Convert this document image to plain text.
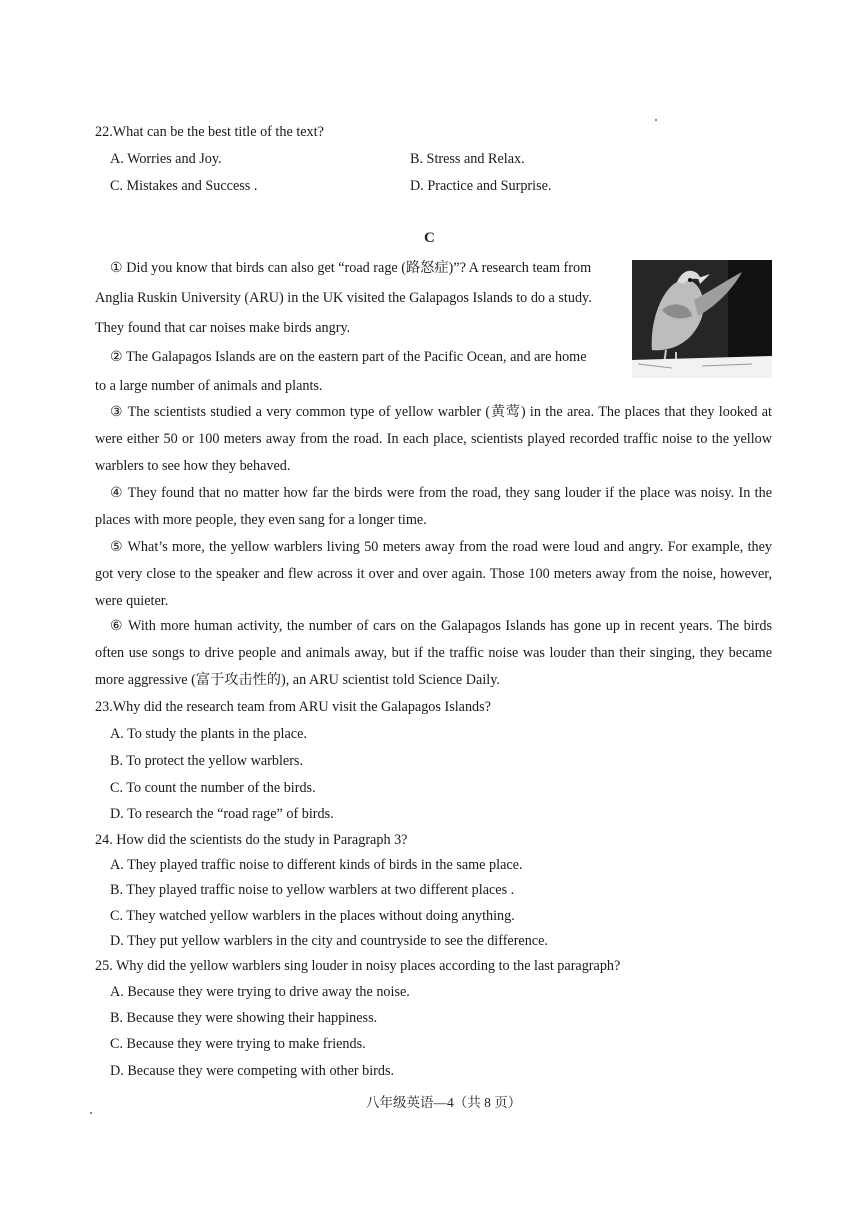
22.What can be the best title of the text?
A. Worries and Joy.	B. Stress and Relax.
C. Mistakes and Success .	D. Practice and Surprise.
C
① Did you know that birds can also get “road rage (路怒症)”? A research team from
Anglia Ruskin University (ARU) in the UK visited the Galapagos Islands to do a study.
They found that car noises make birds angry.
② The Galapagos Islands are on the eastern part of the Pacific Ocean, and are home
to a large number of animals and plants.
③ The scientists studied a very common type of yellow warbler (黄莺) in the area. The places that they looked at were either 50 or 100 meters away from the road. In each place, scientists played recorded traffic noise to the yellow warblers to see how they behaved.
④ They found that no matter how far the birds were from the road, they sang louder if the place was noisy. In the places with more people, they even sang for a longer time.
⑤ What’s more, the yellow warblers living 50 meters away from the road were loud and angry. For example, they got very close to the speaker and flew across it over and over again. Those 100 meters away from the noise, however, were quieter.
⑥ With more human activity, the number of cars on the Galapagos Islands has gone up in recent years. The birds often use songs to drive people and animals away, but if the traffic noise was louder than their singing, they became more aggressive (富于攻击性的), an ARU scientist told Science Daily.
23.Why did the research team from ARU visit the Galapagos Islands?
A. To study the plants in the place.
B. To protect the yellow warblers.
C. To count the number of the birds.
D. To research the “road rage” of birds.
24. How did the scientists do the study in Paragraph 3?
A. They played traffic noise to different kinds of birds in the same place.
B. They played traffic noise to yellow warblers at two different places .
C. They watched yellow warblers in the places without doing anything.
D. They put yellow warblers in the city and countryside to see the difference.
25. Why did the yellow warblers sing louder in noisy places according to the last paragraph?
A. Because they were trying to drive away the noise.
B. Because they were showing their happiness.
C. Because they were trying to make friends.
D. Because they were competing with other birds.
八年级英语—4（共 8 页）
